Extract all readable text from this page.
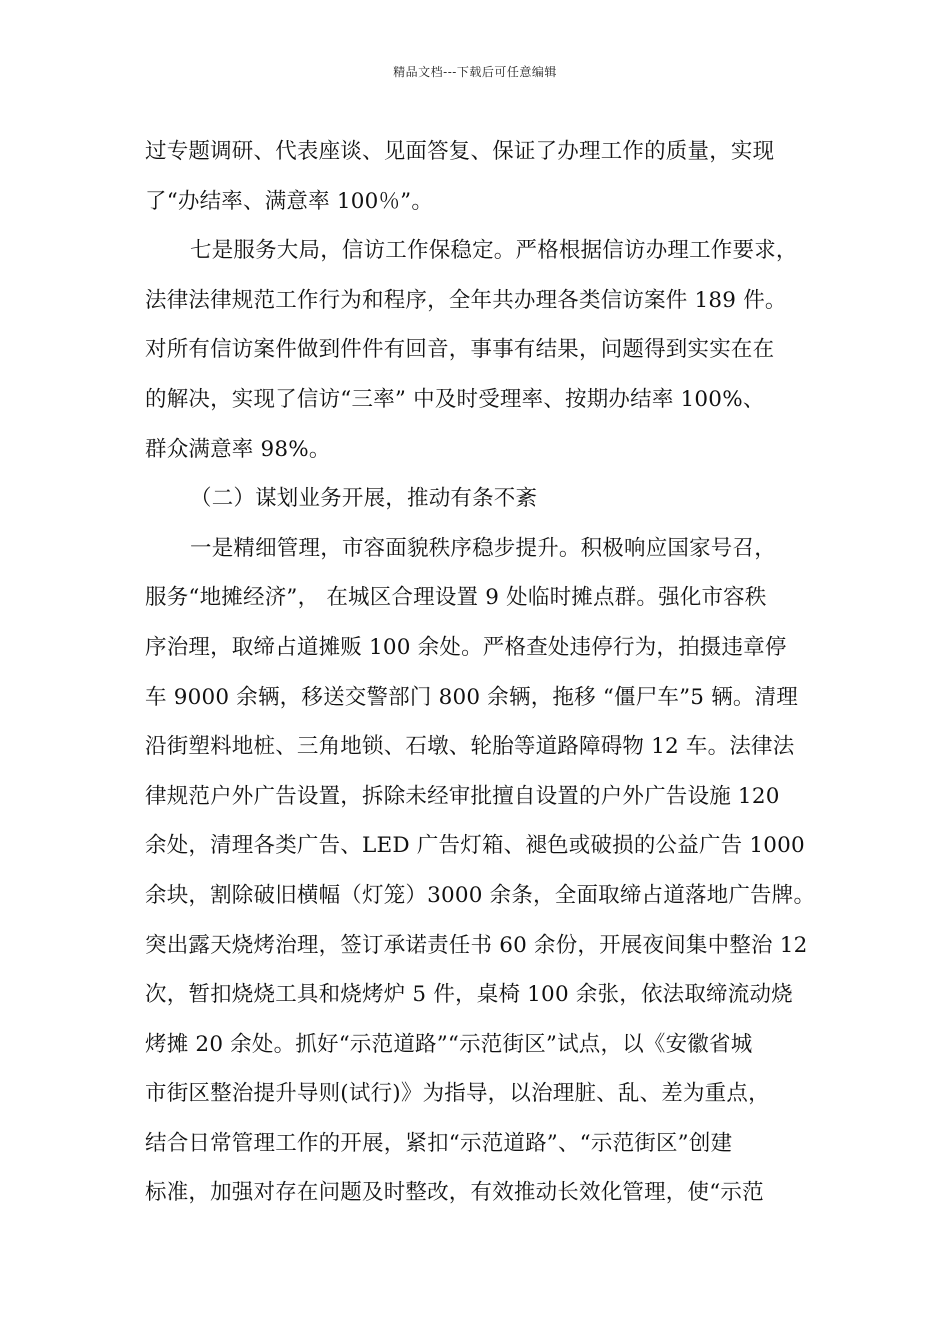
精品文档---下载后可任意编辑
过专题调研、代表座谈、见面答复、保证了办理工作的质量，实现
了“办结率、满意率 100％”。
七是服务大局，信访工作保稳定。严格根据信访办理工作要求，
法律法律规范工作行为和程序，全年共办理各类信访案件 189 件。
对所有信访案件做到件件有回音，事事有结果，问题得到实实在在
的解决，实现了信访“三率” 中及时受理率、按期办结率 100%、
群众满意率 98%。
（二）谋划业务开展，推动有条不紊
一是精细管理，市容面貌秩序稳步提升。积极响应国家号召，
服务“地摊经济”， 在城区合理设置 9 处临时摊点群。强化市容秩
序治理，取缔占道摊贩 100 余处。严格查处违停行为，拍摄违章停
车 9000 余辆，移送交警部门 800 余辆，拖移 “僵尸车”5 辆。清理
沿街塑料地桩、三角地锁、石墩、轮胎等道路障碍物 12 车。法律法
律规范户外广告设置，拆除未经审批擅自设置的户外广告设施 120
余处，清理各类广告、LED 广告灯箱、褪色或破损的公益广告 1000
余块，割除破旧横幅（灯笼）3000 余条，全面取缔占道落地广告牌。
突出露天烧烤治理，签订承诺责任书 60 余份，开展夜间集中整治 12
次，暂扣烧烧工具和烧烤炉 5 件，桌椅 100 余张，依法取缔流动烧
烤摊 20 余处。抓好“示范道路”“示范街区”试点，以《安徽省城
市街区整治提升导则(试行)》为指导，以治理脏、乱、差为重点，
结合日常管理工作的开展，紧扣“示范道路”、“示范街区”创建
标准，加强对存在问题及时整改，有效推动长效化管理，使“示范
